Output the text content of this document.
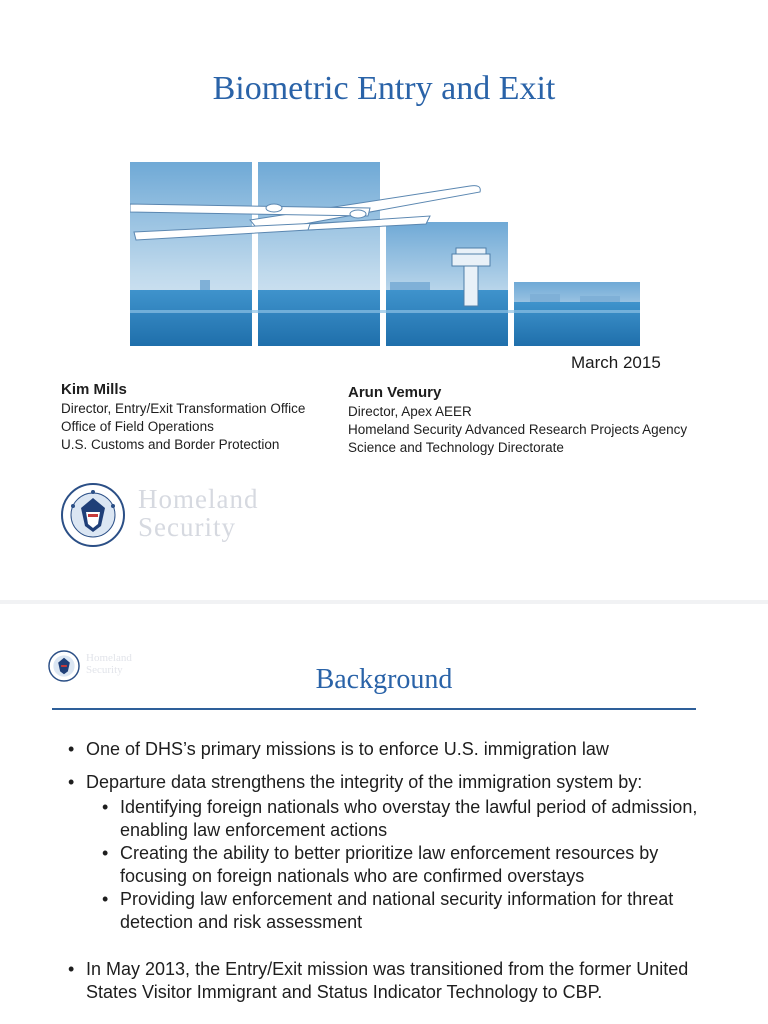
Biometric Entry and Exit
March 2015
Kim Mills
Director, Entry/Exit Transformation Office
Office of Field Operations
U.S. Customs and Border Protection
Arun Vemury
Director, Apex AEER
Homeland Security Advanced Research Projects Agency
Science and Technology Directorate
Homeland
Security
Homeland
Security	Background
• One of DHS’s primary missions is to enforce U.S. immigration law
• Departure data strengthens the integrity of the immigration system by:
• Identifying foreign nationals who overstay the lawful period of admission, enabling law enforcement actions
• Creating the ability to better prioritize law enforcement resources by focusing on foreign nationals who are confirmed overstays
• Providing law enforcement and national security information for threat detection and risk assessment
• In May 2013, the Entry/Exit mission was transitioned from the former United States Visitor Immigrant and Status Indicator Technology to CBP.
